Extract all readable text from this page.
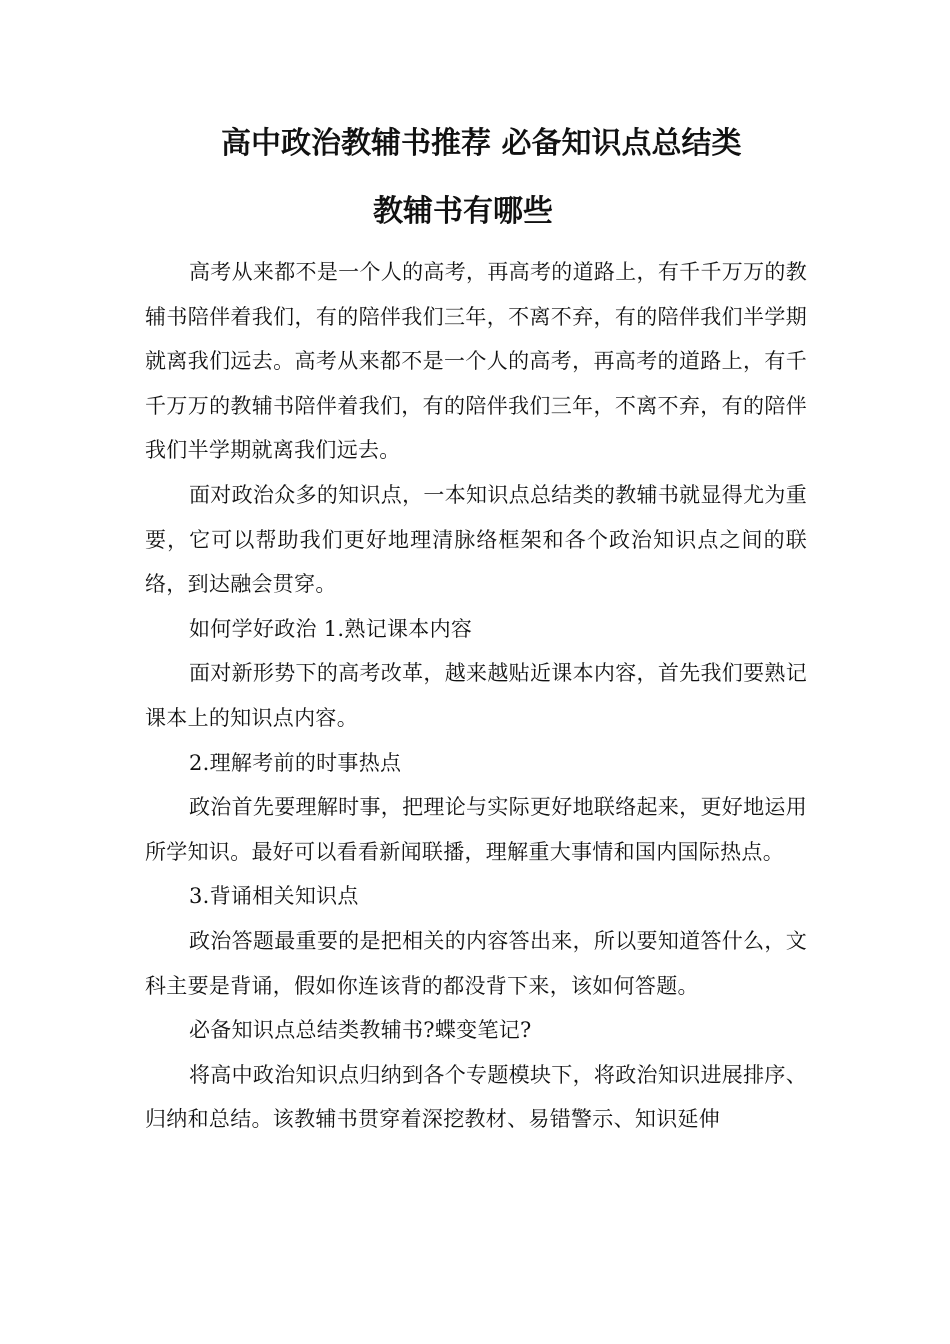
高中政治教辅书推荐 必备知识点总结类
教辅书有哪些

高考从来都不是一个人的高考，再高考的道路上，有千千万万的教辅书陪伴着我们，有的陪伴我们三年，不离不弃，有的陪伴我们半学期就离我们远去。高考从来都不是一个人的高考，再高考的道路上，有千千万万的教辅书陪伴着我们，有的陪伴我们三年，不离不弃，有的陪伴我们半学期就离我们远去。

面对政治众多的知识点，一本知识点总结类的教辅书就显得尤为重要，它可以帮助我们更好地理清脉络框架和各个政治知识点之间的联络，到达融会贯穿。

如何学好政治 1.熟记课本内容

面对新形势下的高考改革，越来越贴近课本内容，首先我们要熟记课本上的知识点内容。

2.理解考前的时事热点

政治首先要理解时事，把理论与实际更好地联络起来，更好地运用所学知识。最好可以看看新闻联播，理解重大事情和国内国际热点。

3.背诵相关知识点

政治答题最重要的是把相关的内容答出来，所以要知道答什么，文科主要是背诵，假如你连该背的都没背下来，该如何答题。

必备知识点总结类教辅书?蝶变笔记?

将高中政治知识点归纳到各个专题模块下，将政治知识进展排序、归纳和总结。该教辅书贯穿着深挖教材、易错警示、知识延伸
